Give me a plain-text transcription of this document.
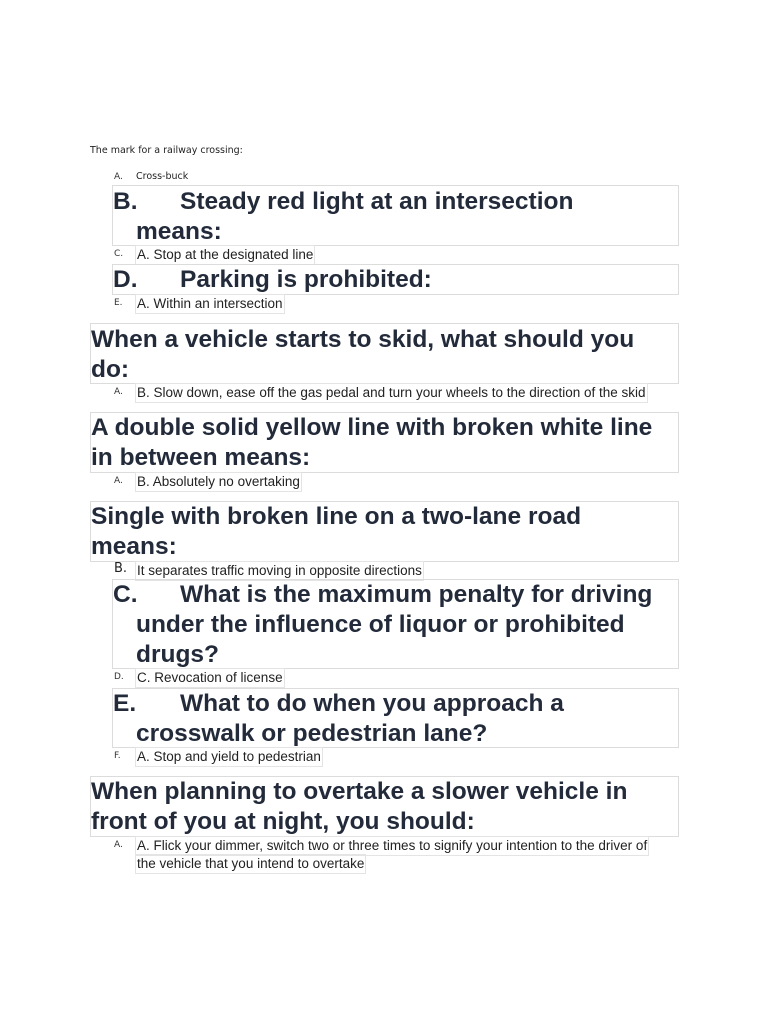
The mark for a railway crossing:
A. Cross-buck
B.	Steady red light at an intersection means:
C. A. Stop at the designated line
D. Parking is prohibited:
E. A. Within an intersection
When a vehicle starts to skid, what should you do:
A. B. Slow down, ease off the gas pedal and turn your wheels to the direction of the skid
A double solid yellow line with broken white line in between means:
A. B. Absolutely no overtaking
Single with broken line on a two-lane road means:
B. It separates traffic moving in opposite directions
C.	What is the maximum penalty for driving under the influence of liquor or prohibited drugs?
D. C. Revocation of license
E.	What to do when you approach a crosswalk or pedestrian lane?
F. A. Stop and yield to pedestrian
When planning to overtake a slower vehicle in front of you at night, you should:
A. A. Flick your dimmer, switch two or three times to signify your intention to the driver of
the vehicle that you intend to overtake
